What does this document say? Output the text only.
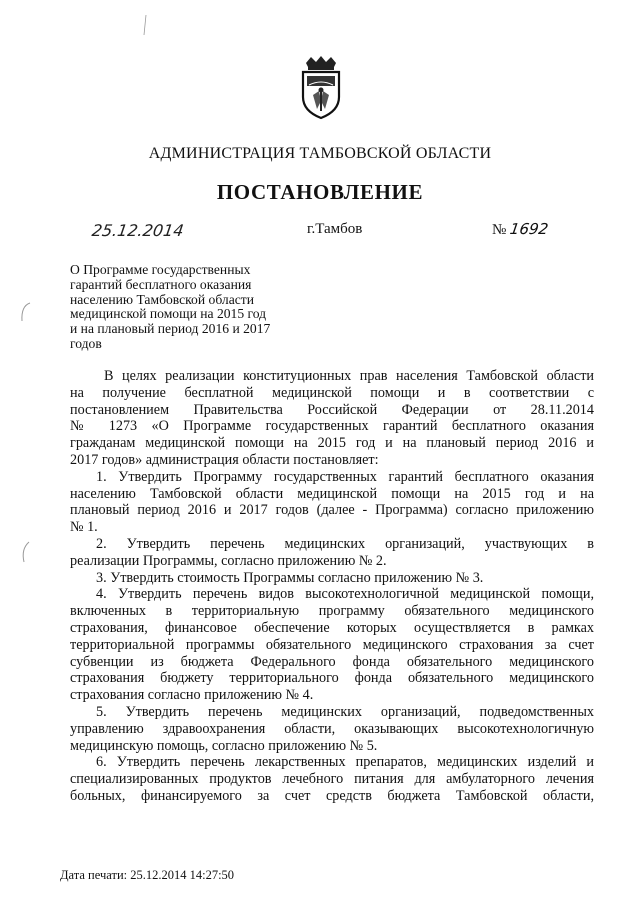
АДМИНИСТРАЦИЯ ТАМБОВСКОЙ ОБЛАСТИ
ПОСТАНОВЛЕНИЕ
25.12.2014	г.Тамбов	№ 1692
О Программе государственных
гарантий бесплатного оказания
населению Тамбовской области
медицинской помощи на 2015 год
и на плановый период 2016 и 2017
годов
В целях реализации конституционных прав населения Тамбовской области
на получение бесплатной медицинской помощи и в соответствии с
постановлением Правительства Российской Федерации от 28.11.2014
№ 1273 «О Программе государственных гарантий бесплатного оказания
гражданам медицинской помощи на 2015 год и на плановый период 2016 и
2017 годов» администрация области постановляет:
1. Утвердить Программу государственных гарантий бесплатного оказания
населению Тамбовской области медицинской помощи на 2015 год и на
плановый период 2016 и 2017 годов (далее - Программа) согласно приложению
№ 1.
2. Утвердить перечень медицинских организаций, участвующих в
реализации Программы, согласно приложению № 2.
3. Утвердить стоимость Программы согласно приложению № 3.
4. Утвердить перечень видов высокотехнологичной медицинской помощи,
включенных в территориальную программу обязательного медицинского
страхования, финансовое обеспечение которых осуществляется в рамках
территориальной программы обязательного медицинского страхования за счет
субвенции из бюджета Федерального фонда обязательного медицинского
страхования бюджету территориального фонда обязательного медицинского
страхования согласно приложению № 4.
5. Утвердить перечень медицинских организаций, подведомственных
управлению здравоохранения области, оказывающих высокотехнологичную
медицинскую помощь, согласно приложению № 5.
6. Утвердить перечень лекарственных препаратов, медицинских изделий и
специализированных продуктов лечебного питания для амбулаторного лечения
больных, финансируемого за счет средств бюджета Тамбовской области,
Дата печати: 25.12.2014 14:27:50
